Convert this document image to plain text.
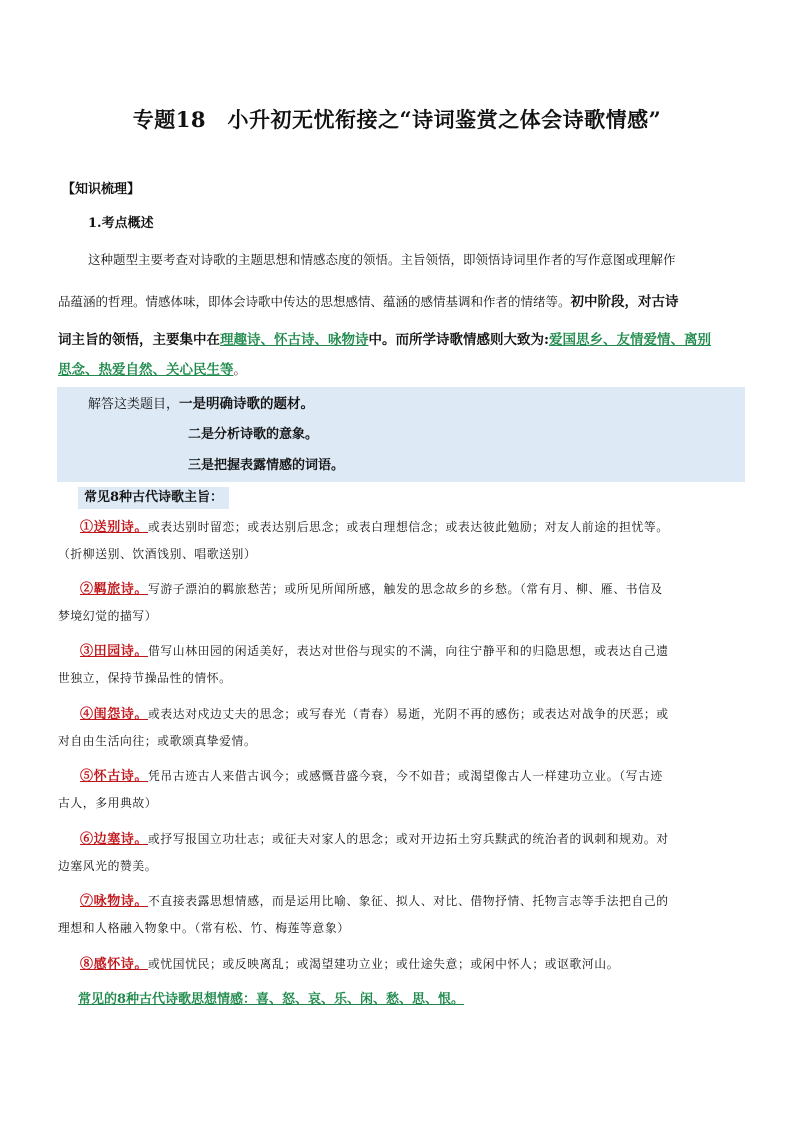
专题18　小升初无忧衔接之“诗词鉴赏之体会诗歌情感”
【知识梳理】
1.考点概述
这种题型主要考查对诗歌的主题思想和情感态度的领悟。主旨领悟，即领悟诗词里作者的写作意图或理解作
品蕴涵的哲理。情感体味，即体会诗歌中传达的思想感情、蕴涵的感情基调和作者的情绪等。初中阶段，对古诗
词主旨的领悟，主要集中在理趣诗、怀古诗、咏物诗中。而所学诗歌情感则大致为:爱国思乡、友情爱情、离别
思念、热爱自然、关心民生等。
解答这类题目，一是明确诗歌的题材。
二是分析诗歌的意象。
三是把握表露情感的词语。
常见8种古代诗歌主旨：
①送别诗。或表达别时留恋；或表达别后思念；或表白理想信念；或表达彼此勉励；对友人前途的担忧等。
（折柳送别、饮酒饯别、唱歌送别）
②羁旅诗。写游子漂泊的羁旅愁苦；或所见所闻所感，触发的思念故乡的乡愁。（常有月、柳、雁、书信及
梦境幻觉的描写）
③田园诗。借写山林田园的闲适美好，表达对世俗与现实的不满，向往宁静平和的归隐思想，或表达自己遗
世独立，保持节操品性的情怀。
④闺怨诗。或表达对戍边丈夫的思念；或写春光（青春）易逝，光阴不再的感伤；或表达对战争的厌恶；或
对自由生活向往；或歌颂真挚爱情。
⑤怀古诗。凭吊古迹古人来借古讽今；或感慨昔盛今衰，今不如昔；或渴望像古人一样建功立业。（写古迹
古人，多用典故）
⑥边塞诗。或抒写报国立功壮志；或征夫对家人的思念；或对开边拓土穷兵黩武的统治者的讽刺和规劝。对
边塞风光的赞美。
⑦咏物诗。不直接表露思想情感，而是运用比喻、象征、拟人、对比、借物抒情、托物言志等手法把自己的
理想和人格融入物象中。（常有松、竹、梅莲等意象）
⑧感怀诗。或忧国忧民；或反映离乱；或渴望建功立业；或仕途失意；或闲中怀人；或讴歌河山。
常见的8种古代诗歌思想情感：喜、怒、哀、乐、闲、愁、思、恨。
